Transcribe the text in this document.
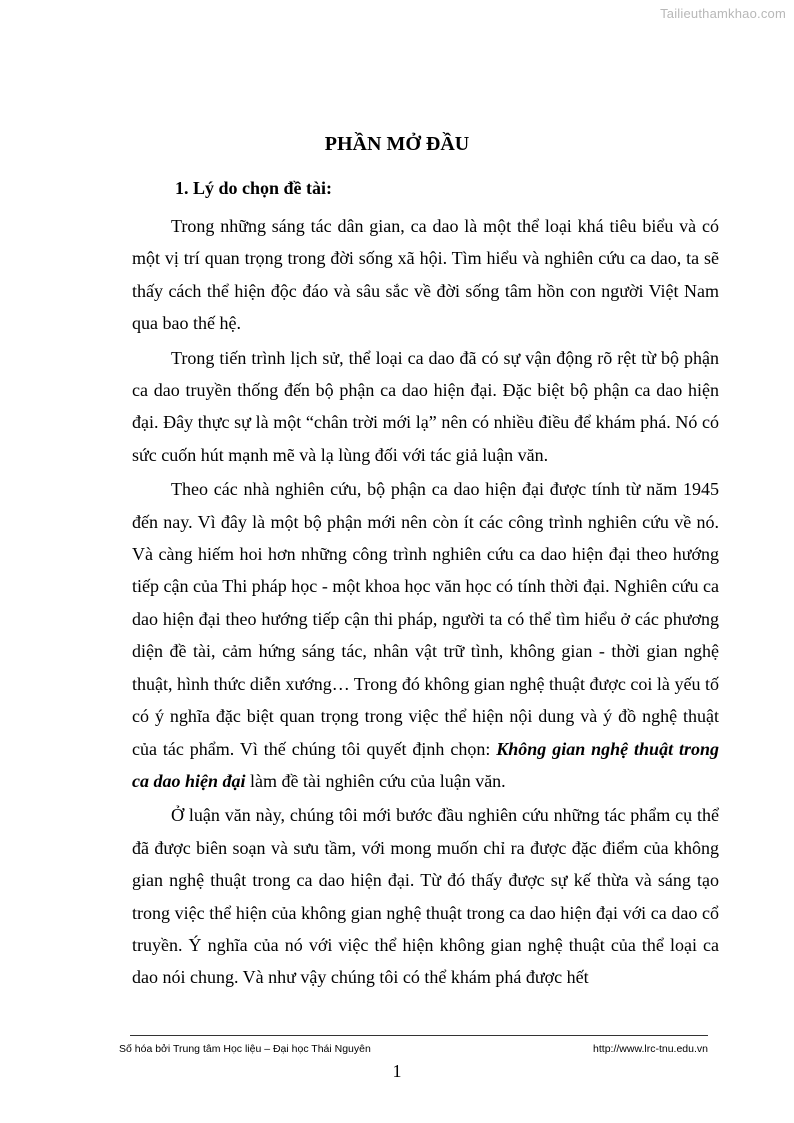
Tailieuthamkhao.com
PHẦN MỞ ĐẦU
1. Lý do chọn đề tài:

Trong những sáng tác dân gian, ca dao là một thể loại khá tiêu biểu và có một vị trí quan trọng trong đời sống xã hội. Tìm hiểu và nghiên cứu ca dao, ta sẽ thấy cách thể hiện độc đáo và sâu sắc về đời sống tâm hồn con người Việt Nam qua bao thế hệ.

Trong tiến trình lịch sử, thể loại ca dao đã có sự vận động rõ rệt từ bộ phận ca dao truyền thống đến bộ phận ca dao hiện đại. Đặc biệt bộ phận ca dao hiện đại. Đây thực sự là một “chân trời mới lạ” nên có nhiều điều để khám phá. Nó có sức cuốn hút mạnh mẽ và lạ lùng đối với tác giả luận văn.

Theo các nhà nghiên cứu, bộ phận ca dao hiện đại được tính từ năm 1945 đến nay. Vì đây là một bộ phận mới nên còn ít các công trình nghiên cứu về nó. Và càng hiếm hoi hơn những công trình nghiên cứu ca dao hiện đại theo hướng tiếp cận của Thi pháp học - một khoa học văn học có tính thời đại. Nghiên cứu ca dao hiện đại theo hướng tiếp cận thi pháp, người ta có thể tìm hiểu ở các phương diện đề tài, cảm hứng sáng tác, nhân vật trữ tình, không gian - thời gian nghệ thuật, hình thức diễn xướng… Trong đó không gian nghệ thuật được coi là yếu tố có ý nghĩa đặc biệt quan trọng trong việc thể hiện nội dung và ý đồ nghệ thuật của tác phẩm. Vì thế chúng tôi quyết định chọn: Không gian nghệ thuật trong ca dao hiện đại làm đề tài nghiên cứu của luận văn.

Ở luận văn này, chúng tôi mới bước đầu nghiên cứu những tác phẩm cụ thể đã được biên soạn và sưu tầm, với mong muốn chỉ ra được đặc điểm của không gian nghệ thuật trong ca dao hiện đại. Từ đó thấy được sự kế thừa và sáng tạo trong việc thể hiện của không gian nghệ thuật trong ca dao hiện đại với ca dao cổ truyền. Ý nghĩa của nó với việc thể hiện không gian nghệ thuật của thể loại ca dao nói chung. Và như vậy chúng tôi có thể khám phá được hết

Số hóa bởi Trung tâm Học liệu – Đại học Thái Nguyên	http://www.lrc-tnu.edu.vn
1
